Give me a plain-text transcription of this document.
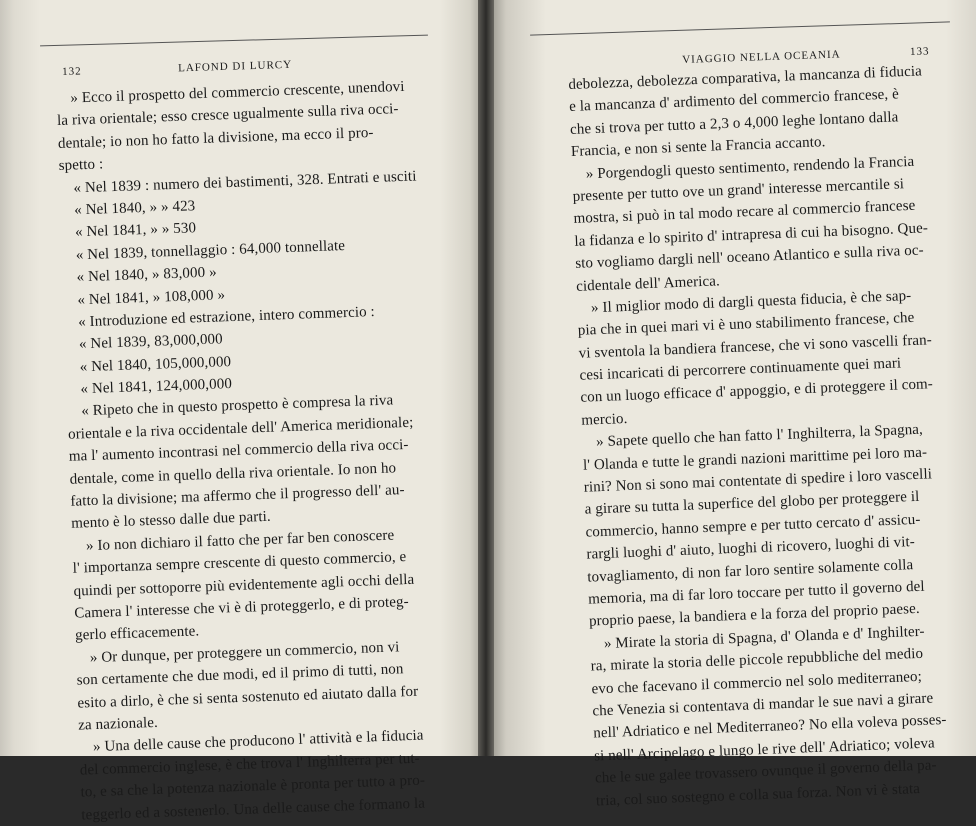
132	LAFOND DI LURCY
» Ecco il prospetto del commercio crescente, unendovi
la riva orientale; esso cresce ugualmente sulla riva occi-
dentale; io non ho fatto la divisione, ma ecco il pro-
spetto :
« Nel 1839 : numero dei bastimenti, 328. Entrati e usciti
« Nel 1840, » » 423
« Nel 1841, » » 530
« Nel 1839, tonnellaggio : 64,000 tonnellate
« Nel 1840, » 83,000 »
« Nel 1841, » 108,000 »
« Introduzione ed estrazione, intero commercio :
« Nel 1839, 83,000,000
« Nel 1840, 105,000,000
« Nel 1841, 124,000,000
« Ripeto che in questo prospetto è compresa la riva
orientale e la riva occidentale dell' America meridionale;
ma l' aumento incontrasi nel commercio della riva occi-
dentale, come in quello della riva orientale. Io non ho
fatto la divisione; ma affermo che il progresso dell' au-
mento è lo stesso dalle due parti.
» Io non dichiaro il fatto che per far ben conoscere
l' importanza sempre crescente di questo commercio, e
quindi per sottoporre più evidentemente agli occhi della
Camera l' interesse che vi è di proteggerlo, e di proteg-
gerlo efficacemente.
» Or dunque, per proteggere un commercio, non vi
son certamente che due modi, ed il primo di tutti, non
esito a dirlo, è che si senta sostenuto ed aiutato dalla for
za nazionale.
» Una delle cause che producono l' attività e la fiducia
del commercio inglese, è che trova l' Inghilterra per tut-
to, e sa che la potenza nazionale è pronta per tutto a pro-
teggerlo ed a sostenerlo. Una delle cause che formano la
VIAGGIO NELLA OCEANIA	133
debolezza, debolezza comparativa, la mancanza di fiducia
e la mancanza d' ardimento del commercio francese, è
che si trova per tutto a 2,3 o 4,000 leghe lontano dalla
Francia, e non si sente la Francia accanto.
» Porgendogli questo sentimento, rendendo la Francia
presente per tutto ove un grand' interesse mercantile si
mostra, si può in tal modo recare al commercio francese
la fidanza e lo spirito d' intrapresa di cui ha bisogno. Que-
sto vogliamo dargli nell' oceano Atlantico e sulla riva oc-
cidentale dell' America.
» Il miglior modo di dargli questa fiducia, è che sap-
pia che in quei mari vi è uno stabilimento francese, che
vi sventola la bandiera francese, che vi sono vascelli fran-
cesi incaricati di percorrere continuamente quei mari
con un luogo efficace d' appoggio, e di proteggere il com-
mercio.
» Sapete quello che han fatto l' Inghilterra, la Spagna,
l' Olanda e tutte le grandi nazioni marittime pei loro ma-
rini? Non si sono mai contentate di spedire i loro vascelli
a girare su tutta la superfice del globo per proteggere il
commercio, hanno sempre e per tutto cercato d' assicu-
rargli luoghi d' aiuto, luoghi di ricovero, luoghi di vit-
tovagliamento, di non far loro sentire solamente colla
memoria, ma di far loro toccare per tutto il governo del
proprio paese, la bandiera e la forza del proprio paese.
» Mirate la storia di Spagna, d' Olanda e d' Inghilter-
ra, mirate la storia delle piccole repubbliche del medio
evo che facevano il commercio nel solo mediterraneo;
che Venezia si contentava di mandar le sue navi a girare
nell' Adriatico e nel Mediterraneo? No ella voleva posses-
si nell' Arcipelago e lungo le rive dell' Adriatico; voleva
che le sue galee trovassero ovunque il governo della pa-
tria, col suo sostegno e colla sua forza. Non vi è stata
